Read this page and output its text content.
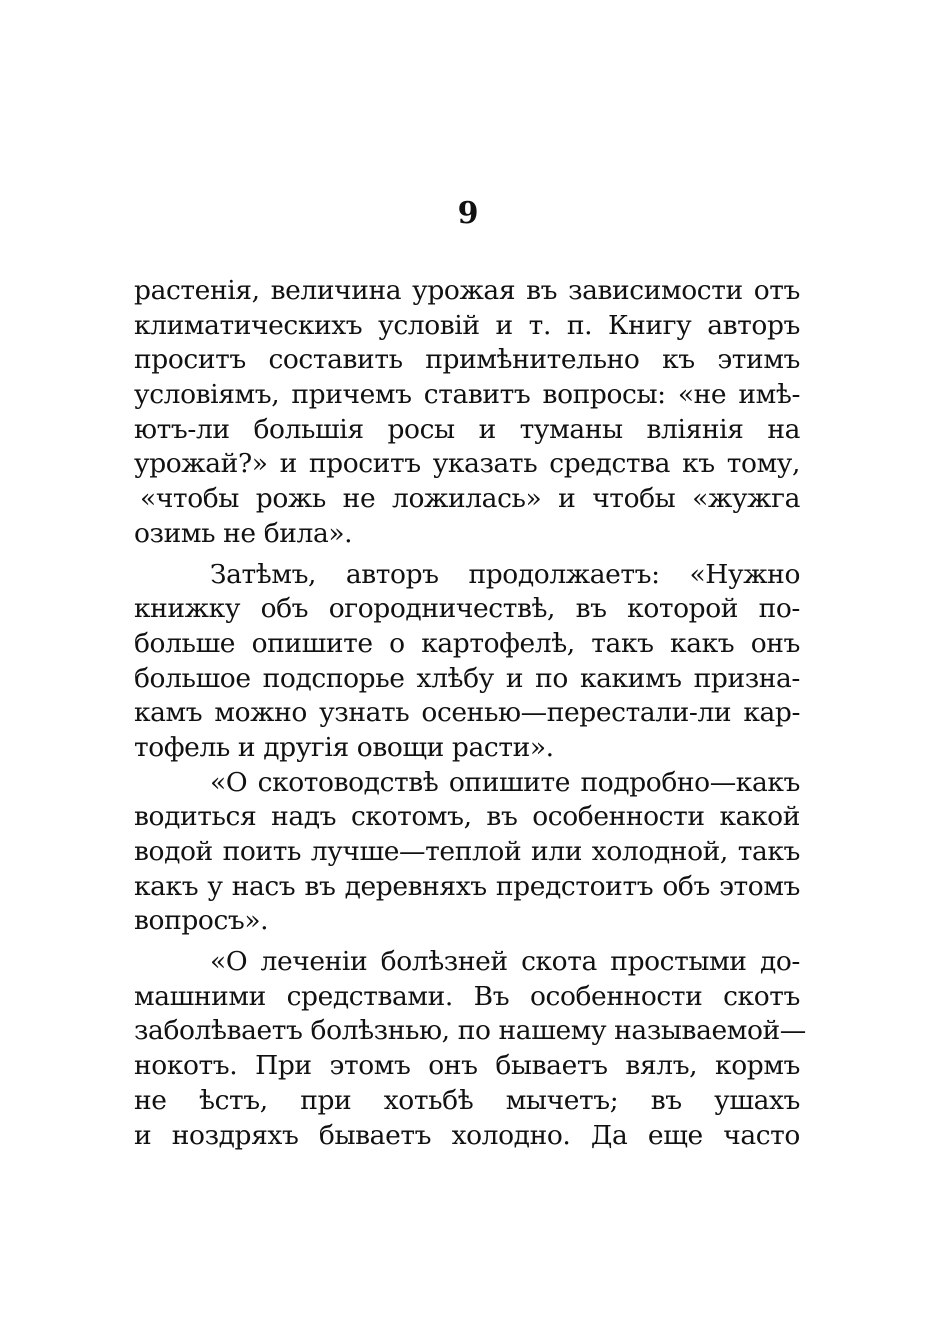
9
растенія, величина урожая въ зависимости отъ
климатическихъ условій и т. п. Книгу авторъ
проситъ составить примѣнительно къ этимъ
условіямъ, причемъ ставитъ вопросы: «не имѣ-
ютъ-ли большія росы и туманы вліянія на
урожай?» и проситъ указать средства къ тому,
«чтобы рожь не ложилась» и чтобы «жужга
озимь не била».
Затѣмъ, авторъ продолжаетъ: «Нужно
книжку объ огородничествѣ, въ которой по-
больше опишите о картофелѣ, такъ какъ онъ
большое подспорье хлѣбу и по какимъ призна-
камъ можно узнать осенью—перестали-ли кар-
тофель и другія овощи расти».
«О скотоводствѣ опишите подробно—какъ
водиться надъ скотомъ, въ особенности какой
водой поить лучше—теплой или холодной, такъ
какъ у насъ въ деревняхъ предстоитъ объ этомъ
вопросъ».
«О леченіи болѣзней скота простыми до-
машними средствами. Въ особенности скотъ
заболѣваетъ болѣзнью, по нашему называемой—
нокотъ. При этомъ онъ бываетъ вялъ, кормъ
не ѣстъ, при хотьбѣ мычетъ; въ ушахъ
и ноздряхъ бываетъ холодно. Да еще часто
